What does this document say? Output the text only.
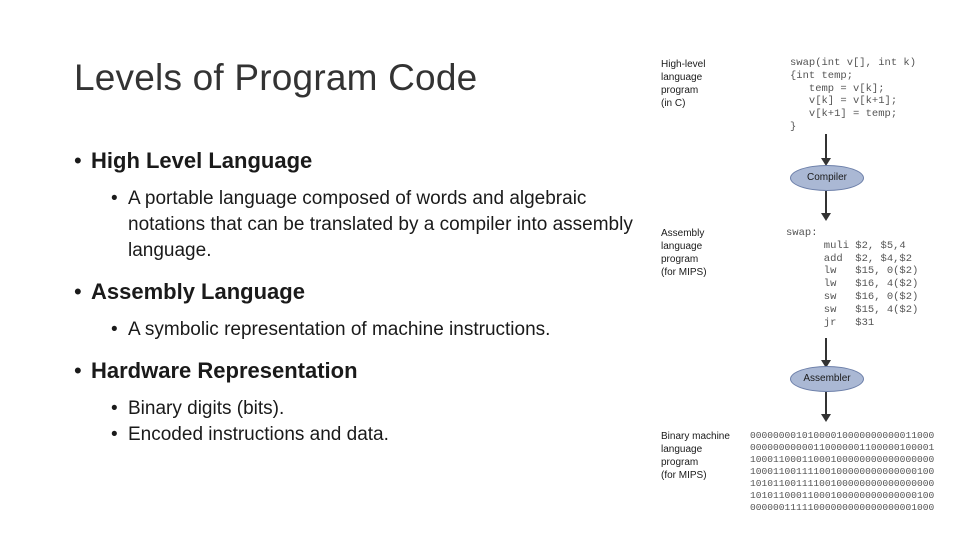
Levels of Program Code
• High Level Language
• A portable language composed of words and algebraic notations that can be translated by a compiler into assembly language.
• Assembly Language
• A symbolic representation of machine instructions.
• Hardware Representation
• Binary digits (bits).
• Encoded instructions and data.
High-level
language
program
(in C)
swap(int v[], int k)
{int temp;
temp = v[k];
v[k] = v[k+1];
v[k+1] = temp;
}
Compiler
Assembly
language
program
(for MIPS)
swap:
muli $2, $5,4
add  $2, $4,$2
lw   $15, 0($2)
lw   $16, 4($2)
sw   $16, 0($2)
sw   $15, 4($2)
jr   $31
Assembler
Binary machine
language
program
(for MIPS)
00000000101000010000000000011000
00000000000110000001100000100001
10001100011000100000000000000000
10001100111100100000000000000100
10101100111100100000000000000000
10101100011000100000000000000100
00000011111000000000000000001000
